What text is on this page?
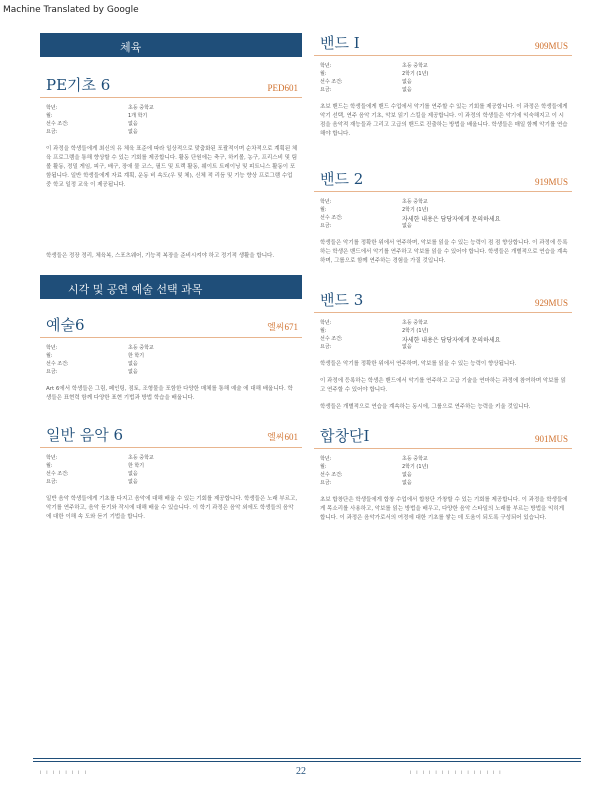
Machine Translated by Google
체육
PE기초 6	PED601
학년:	초등 중학교
월:	1개 학기
선수 조건:	없음
요금:	없음
이 과정을 학생들에게 최신의 유 체육 표준에 따라 일상적으로 맞춤화된 포괄적이며 순차적으로 계획된 체육 프로그램을 통해 향상할 수 있는 기회를 제공합니다. 활동 단원에는 축구, 하키볼, 농구, 프리스비 및 팀볼 활동, 정밀 게임, 피구, 배구, 장애 물 코스, 필드 및 트랙 활동, 웨이트 트레이닝 및 피트니스 활동이 포함됩니다. 일반 학생들에게 자료 계획, 운동 비 속도(우 및 체), 신체 적 리듬 및 기능 향상 프로그램 수업 중 학교 일정 교육 이 제공됩니다.
학생들은 정장 정리, 체육복, 스포츠웨어, 기능적 복장을 준비시켜야 하고 정기적 생활을 합니다.
시각 및 공연 예술 선택 과목
예술6	엘씨671
학년:	초등 중학교
월:	한 학기
선수 조건:	없음
요금:	없음
Art 6에서 학생들은 그림, 페인팅, 점토, 조형물을 포함한 다양한 매체를 통해 예술 에 대해 배웁니다. 학생들은 표현력 함께 다양한 표현 기법과 방법 학습을 배웁니다.
일반 음악 6	엘씨601
학년:	초등 중학교
월:	한 학기
선수 조건:	없음
요금:	없음
일반 음악 학생들에게 기초를 다지고 음악에 대해 배울 수 있는 기회를 제공합니다. 학생들은 노래 부르고, 악기를 연주하고, 음악 듣기와 작시에 대해 배울 수 있습니다. 이 학기 과정은 음악 외에도 학생들의 음악에 대한 이해 속 도와 듣기 기법을 합니다.
밴드 I	909MUS
학년:	초등 중학교
월:	2학기 (1년)
선수 조건:	없음
요금:	없음
초보 밴드는 학생들에게 밴드 수업에서 악기를 연주할 수 있는 기회를 제공합니다. 이 과정은 학생들에게 악기 선택, 연주 음악 기초, 악보 읽기 스킬을 제공합니다. 이 과정의 학생들은 악기에 익숙해지고 이 시점을 음악적 재능들과 그리고 고급의 밴드로 진출하는 방법을 배웁니다. 학생들은 매일 함께 악기를 연습해야 합니다.
밴드 2	919MUS
학년:	초등 중학교
월:	2학기 (1년)
선수 조건:	자세한 내용은 담당자에게 문의하세요
요금:	없음
학생들은 악기를 정확한 위에서 연주하며, 악보를 읽을 수 있는 능력이 점 점 향상합니다. 이 과정에 등록하는 학생은 밴드에서 악기를 연주하고 악보를 읽을 수 있어야 합니다. 학생들은 개별적으로 연습을 계속하며, 그룹으로 함께 연주하는 경험을 가질 것입니다.
밴드 3	929MUS
학년:	초등 중학교
월:	2학기 (1년)
선수 조건:	자세한 내용은 담당자에게 문의하세요
요금:	없음
학생들은 악기를 정확한 위에서 연주하며, 악보를 읽을 수 있는 능력이 향상됩니다.
이 과정에 등록하는 학생은 밴드에서 악기를 연주하고 고급 기술을 연마하는 과정에 참여하며 악보를 읽고 연주할 수 있어야 합니다.
학생들은 개별적으로 연습을 계속하는 동시에, 그룹으로 연주하는 능력을 키울 것입니다.
합창단I	901MUS
학년:	초등 중학교
월:	2학기 (1년)
선수 조건:	없음
요금:	없음
초보 합창단은 학생들에게 합창 수업에서 합창단 가창할 수 있는 기회를 제공합니다. 이 과정을 학생들에게 목소리를 사용하고, 악보를 읽는 방법을 배우고, 다양한 음악 스타일의 노래를 부르는 방법을 익히게 합니다. 이 과정은 음악가로서의 여정에 대한 기초를 쌓는 데 도움이 되도록 구성되어 있습니다.
l l l l l l l l	22	l l l l l l l l l l l l l l l
